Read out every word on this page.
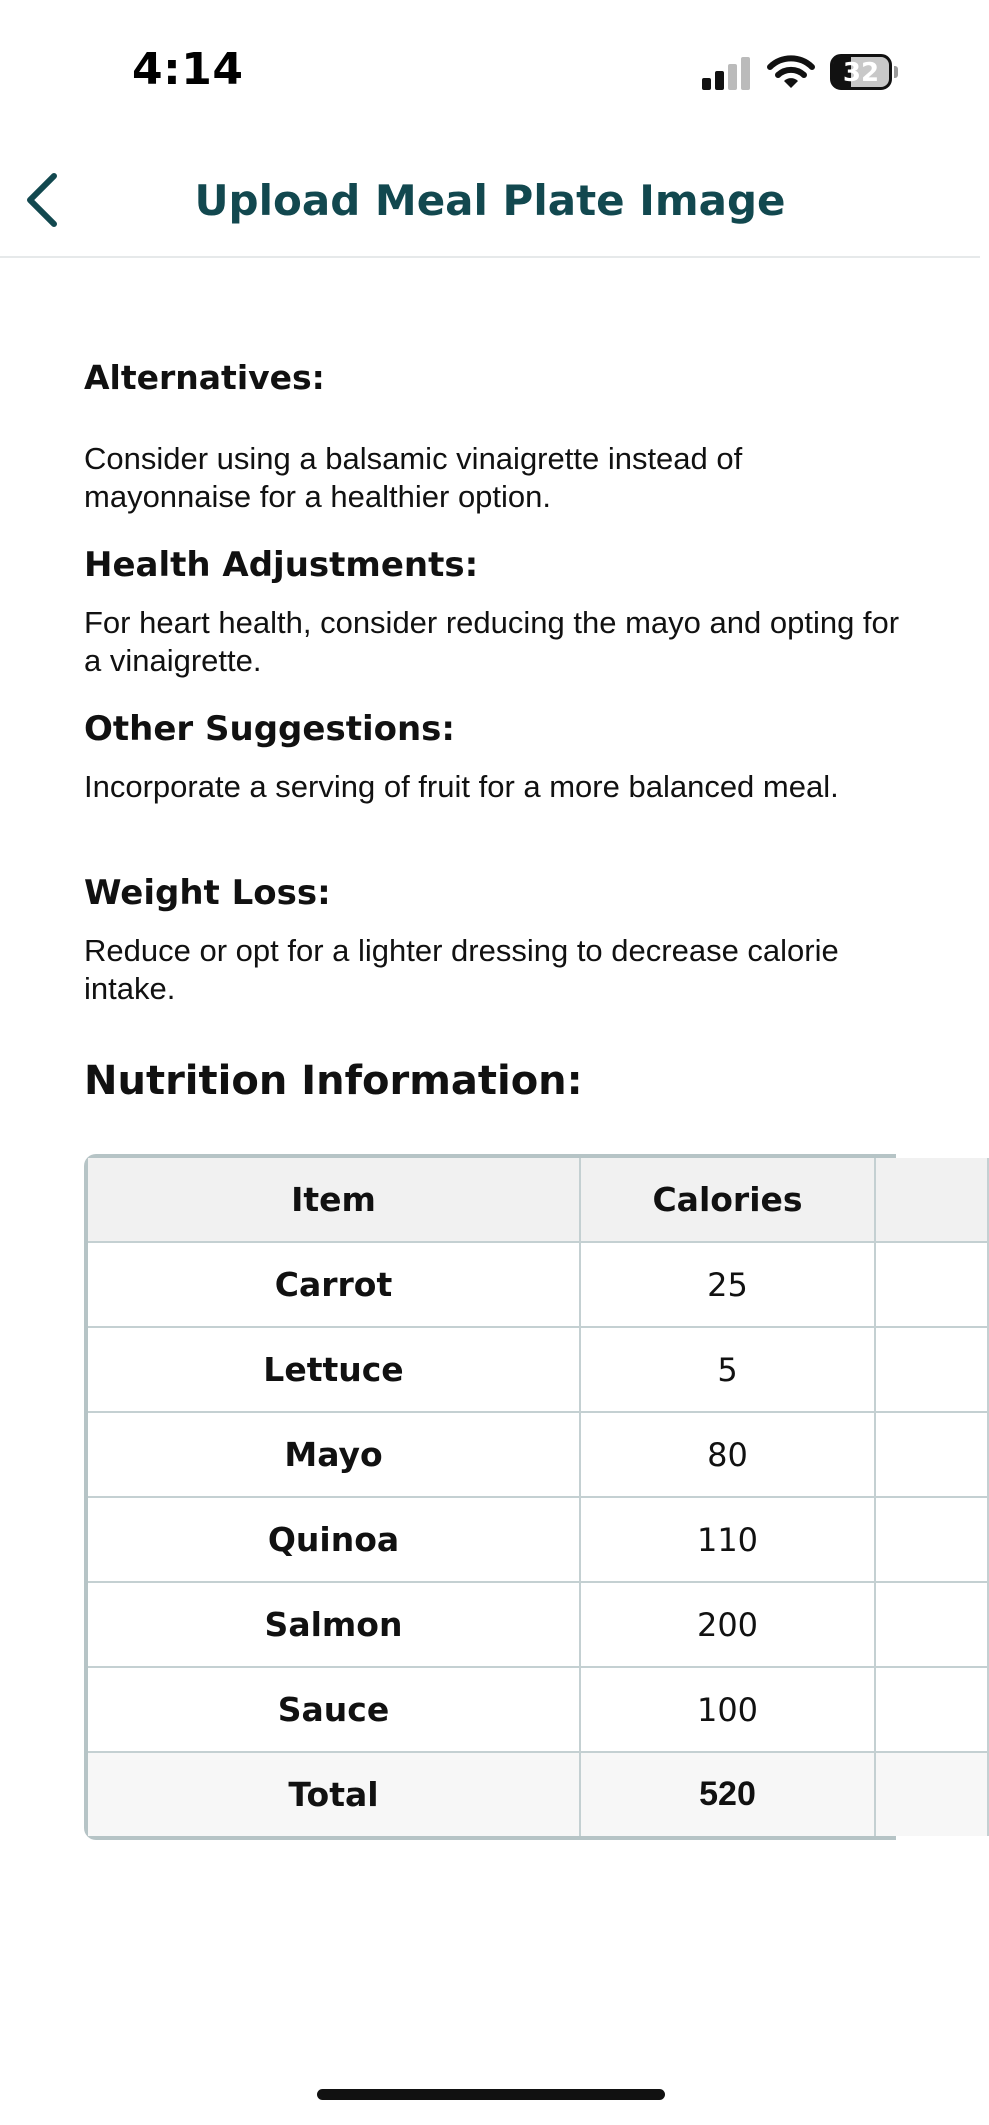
4:14	32
Upload Meal Plate Image
Alternatives:
Consider using a balsamic vinaigrette instead of mayonnaise for a healthier option.
Health Adjustments:
For heart health, consider reducing the mayo and opting for a vinaigrette.
Other Suggestions:
Incorporate a serving of fruit for a more balanced meal.
Weight Loss:
Reduce or opt for a lighter dressing to decrease calorie intake.
Nutrition Information:
Item	Calories	
Carrot	25	
Lettuce	5	
Mayo	80	
Quinoa	110	
Salmon	200	
Sauce	100	
Total	520	
